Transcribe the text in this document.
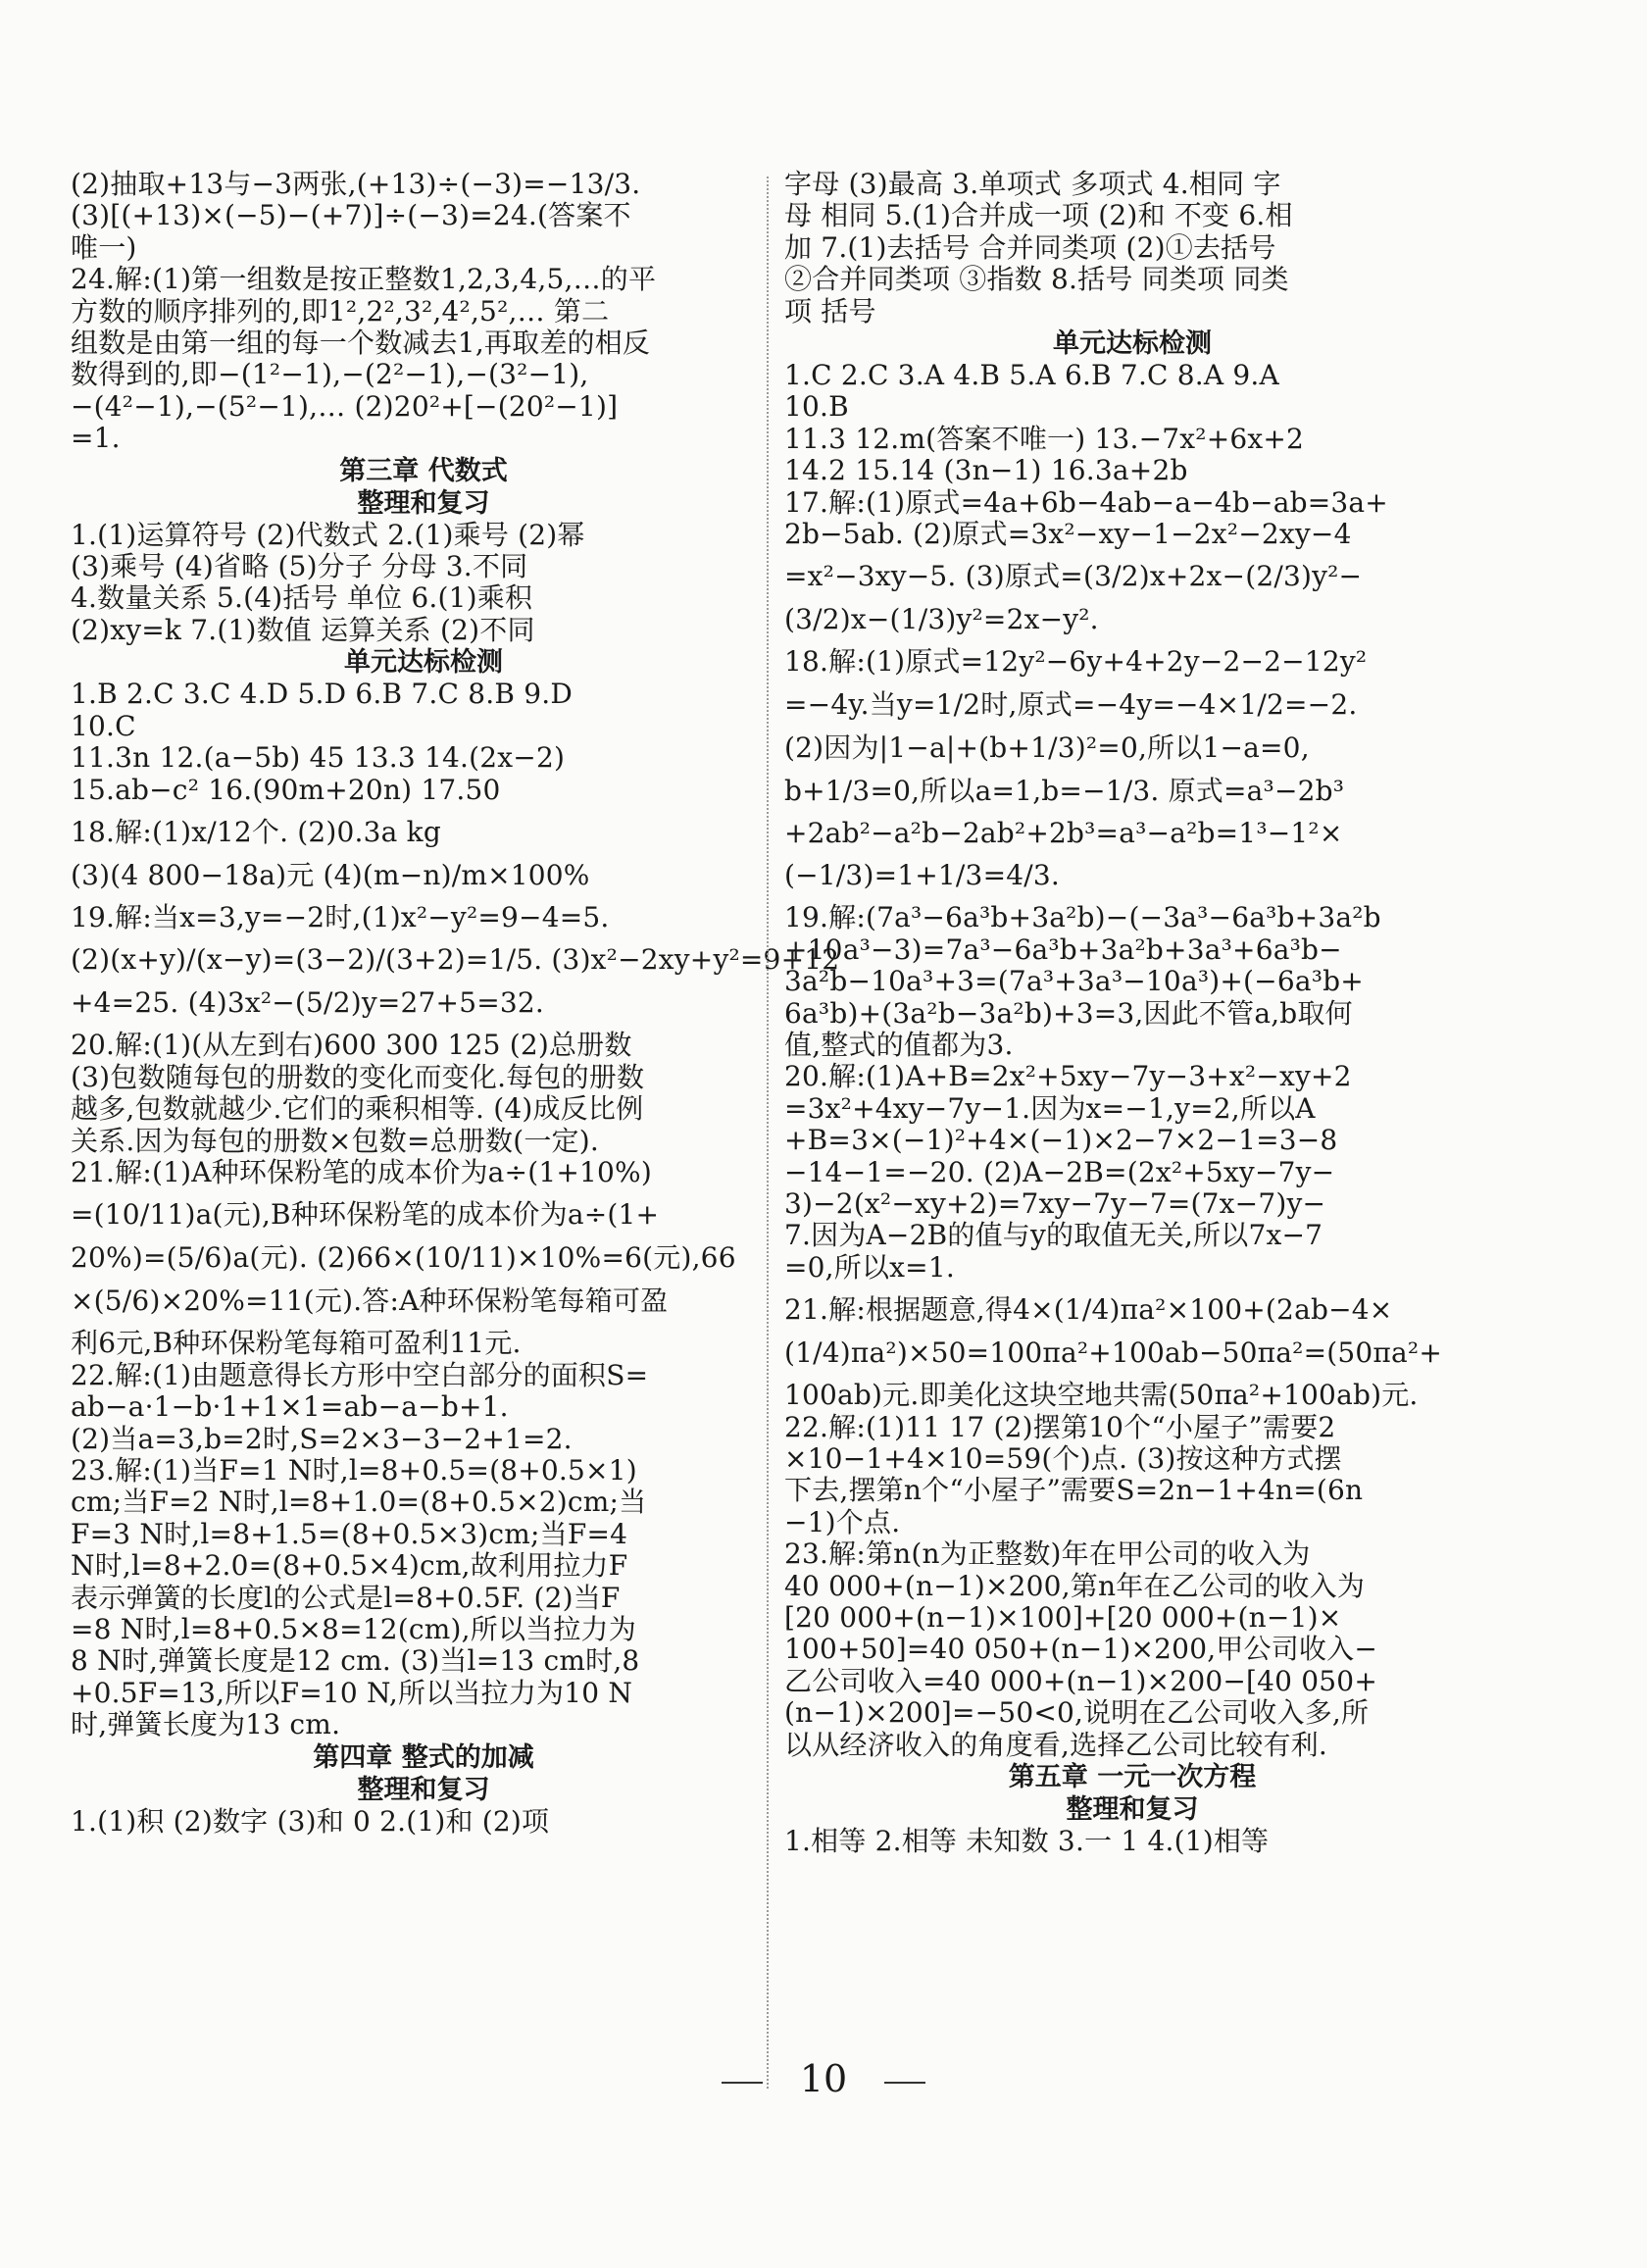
(2)抽取+13与−3两张,(+13)÷(−3)=−13/3.
(3)[(+13)×(−5)−(+7)]÷(−3)=24.(答案不
唯一)
24.解:(1)第一组数是按正整数1,2,3,4,5,…的平
方数的顺序排列的,即1²,2²,3²,4²,5²,… 第二
组数是由第一组的每一个数减去1,再取差的相反
数得到的,即−(1²−1),−(2²−1),−(3²−1),
−(4²−1),−(5²−1),… (2)20²+[−(20²−1)]
=1.
第三章 代数式
整理和复习
1.(1)运算符号 (2)代数式 2.(1)乘号 (2)幂
(3)乘号 (4)省略 (5)分子 分母 3.不同
4.数量关系 5.(4)括号 单位 6.(1)乘积
(2)xy=k 7.(1)数值 运算关系 (2)不同
单元达标检测
1.B 2.C 3.C 4.D 5.D 6.B 7.C 8.B 9.D
10.C
11.3n 12.(a−5b) 45 13.3 14.(2x−2)
15.ab−c² 16.(90m+20n) 17.50
18.解:(1)x/12个. (2)0.3a kg
(3)(4 800−18a)元 (4)(m−n)/m×100%
19.解:当x=3,y=−2时,(1)x²−y²=9−4=5.
(2)(x+y)/(x−y)=(3−2)/(3+2)=1/5. (3)x²−2xy+y²=9+12
+4=25. (4)3x²−(5/2)y=27+5=32.
20.解:(1)(从左到右)600 300 125 (2)总册数
(3)包数随每包的册数的变化而变化.每包的册数
越多,包数就越少.它们的乘积相等. (4)成反比例
关系.因为每包的册数×包数=总册数(一定).
21.解:(1)A种环保粉笔的成本价为a÷(1+10%)
=(10/11)a(元),B种环保粉笔的成本价为a÷(1+
20%)=(5/6)a(元). (2)66×(10/11)×10%=6(元),66
×(5/6)×20%=11(元).答:A种环保粉笔每箱可盈
利6元,B种环保粉笔每箱可盈利11元.
22.解:(1)由题意得长方形中空白部分的面积S=
ab−a·1−b·1+1×1=ab−a−b+1.
(2)当a=3,b=2时,S=2×3−3−2+1=2.
23.解:(1)当F=1 N时,l=8+0.5=(8+0.5×1)
cm;当F=2 N时,l=8+1.0=(8+0.5×2)cm;当
F=3 N时,l=8+1.5=(8+0.5×3)cm;当F=4
N时,l=8+2.0=(8+0.5×4)cm,故利用拉力F
表示弹簧的长度l的公式是l=8+0.5F. (2)当F
=8 N时,l=8+0.5×8=12(cm),所以当拉力为
8 N时,弹簧长度是12 cm. (3)当l=13 cm时,8
+0.5F=13,所以F=10 N,所以当拉力为10 N
时,弹簧长度为13 cm.
第四章 整式的加减
整理和复习
1.(1)积 (2)数字 (3)和 0 2.(1)和 (2)项
字母 (3)最高 3.单项式 多项式 4.相同 字
母 相同 5.(1)合并成一项 (2)和 不变 6.相
加 7.(1)去括号 合并同类项 (2)①去括号
②合并同类项 ③指数 8.括号 同类项 同类
项 括号
单元达标检测
1.C 2.C 3.A 4.B 5.A 6.B 7.C 8.A 9.A
10.B
11.3 12.m(答案不唯一) 13.−7x²+6x+2
14.2 15.14 (3n−1) 16.3a+2b
17.解:(1)原式=4a+6b−4ab−a−4b−ab=3a+
2b−5ab. (2)原式=3x²−xy−1−2x²−2xy−4
=x²−3xy−5. (3)原式=(3/2)x+2x−(2/3)y²−
(3/2)x−(1/3)y²=2x−y².
18.解:(1)原式=12y²−6y+4+2y−2−2−12y²
=−4y.当y=1/2时,原式=−4y=−4×1/2=−2.
(2)因为|1−a|+(b+1/3)²=0,所以1−a=0,
b+1/3=0,所以a=1,b=−1/3. 原式=a³−2b³
+2ab²−a²b−2ab²+2b³=a³−a²b=1³−1²×
(−1/3)=1+1/3=4/3.
19.解:(7a³−6a³b+3a²b)−(−3a³−6a³b+3a²b
+10a³−3)=7a³−6a³b+3a²b+3a³+6a³b−
3a²b−10a³+3=(7a³+3a³−10a³)+(−6a³b+
6a³b)+(3a²b−3a²b)+3=3,因此不管a,b取何
值,整式的值都为3.
20.解:(1)A+B=2x²+5xy−7y−3+x²−xy+2
=3x²+4xy−7y−1.因为x=−1,y=2,所以A
+B=3×(−1)²+4×(−1)×2−7×2−1=3−8
−14−1=−20. (2)A−2B=(2x²+5xy−7y−
3)−2(x²−xy+2)=7xy−7y−7=(7x−7)y−
7.因为A−2B的值与y的取值无关,所以7x−7
=0,所以x=1.
21.解:根据题意,得4×(1/4)πa²×100+(2ab−4×
(1/4)πa²)×50=100πa²+100ab−50πa²=(50πa²+
100ab)元.即美化这块空地共需(50πa²+100ab)元.
22.解:(1)11 17 (2)摆第10个“小屋子”需要2
×10−1+4×10=59(个)点. (3)按这种方式摆
下去,摆第n个“小屋子”需要S=2n−1+4n=(6n
−1)个点.
23.解:第n(n为正整数)年在甲公司的收入为
40 000+(n−1)×200,第n年在乙公司的收入为
[20 000+(n−1)×100]+[20 000+(n−1)×
100+50]=40 050+(n−1)×200,甲公司收入−
乙公司收入=40 000+(n−1)×200−[40 050+
(n−1)×200]=−50<0,说明在乙公司收入多,所
以从经济收入的角度看,选择乙公司比较有利.
第五章 一元一次方程
整理和复习
1.相等 2.相等 未知数 3.一 1 4.(1)相等
10
